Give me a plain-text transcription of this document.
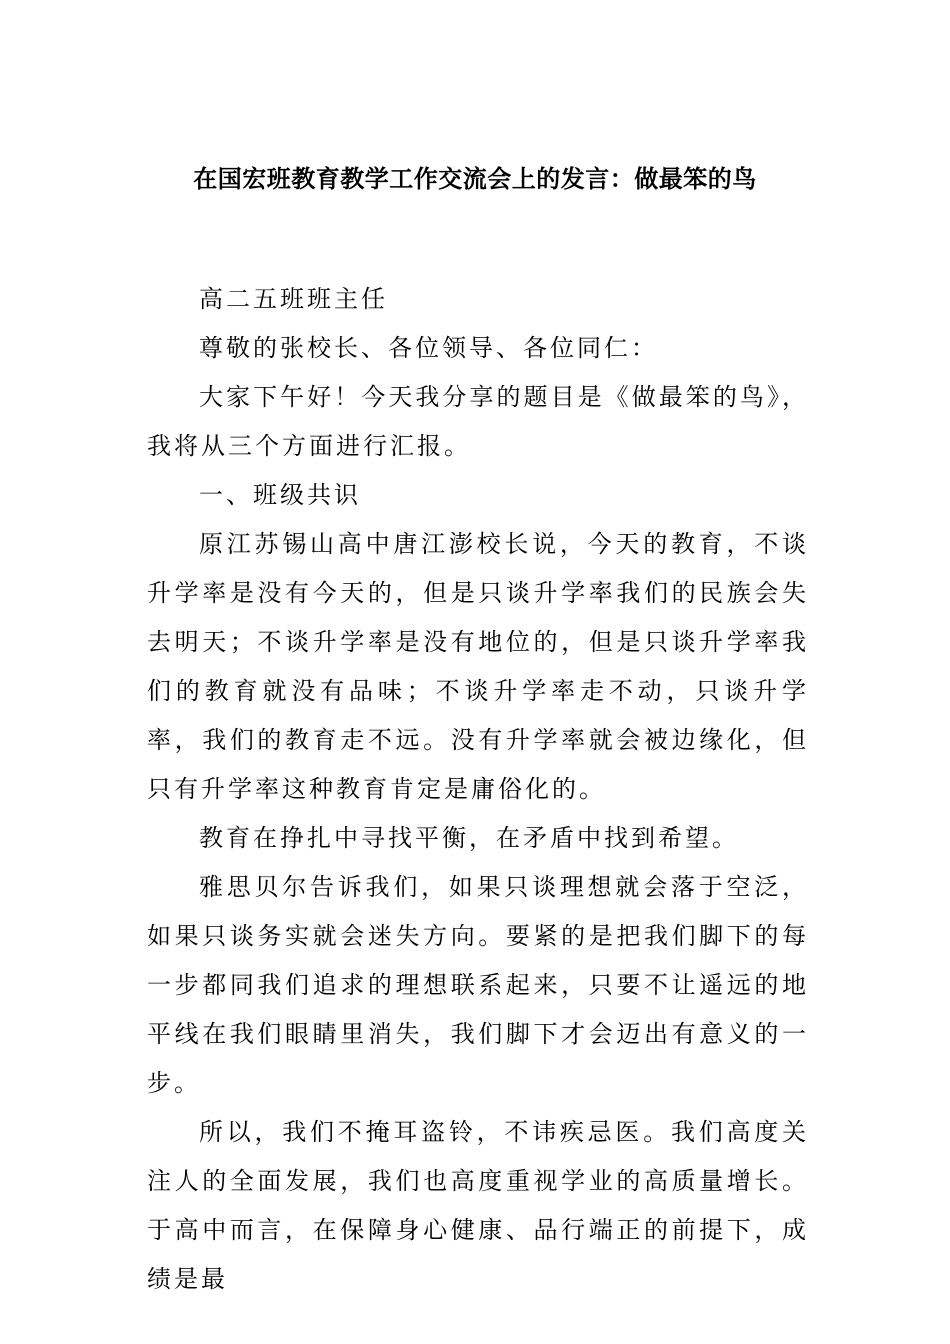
在国宏班教育教学工作交流会上的发言：做最笨的鸟

高二五班班主任

尊敬的张校长、各位领导、各位同仁：

大家下午好！今天我分享的题目是《做最笨的鸟》，我将从三个方面进行汇报。

一、班级共识

原江苏锡山高中唐江澎校长说，今天的教育，不谈升学率是没有今天的，但是只谈升学率我们的民族会失去明天；不谈升学率是没有地位的，但是只谈升学率我们的教育就没有品味；不谈升学率走不动，只谈升学率，我们的教育走不远。没有升学率就会被边缘化，但只有升学率这种教育肯定是庸俗化的。

教育在挣扎中寻找平衡，在矛盾中找到希望。

雅思贝尔告诉我们，如果只谈理想就会落于空泛，如果只谈务实就会迷失方向。要紧的是把我们脚下的每一步都同我们追求的理想联系起来，只要不让遥远的地平线在我们眼睛里消失，我们脚下才会迈出有意义的一步。

所以，我们不掩耳盗铃，不讳疾忌医。我们高度关注人的全面发展，我们也高度重视学业的高质量增长。于高中而言，在保障身心健康、品行端正的前提下，成绩是最
